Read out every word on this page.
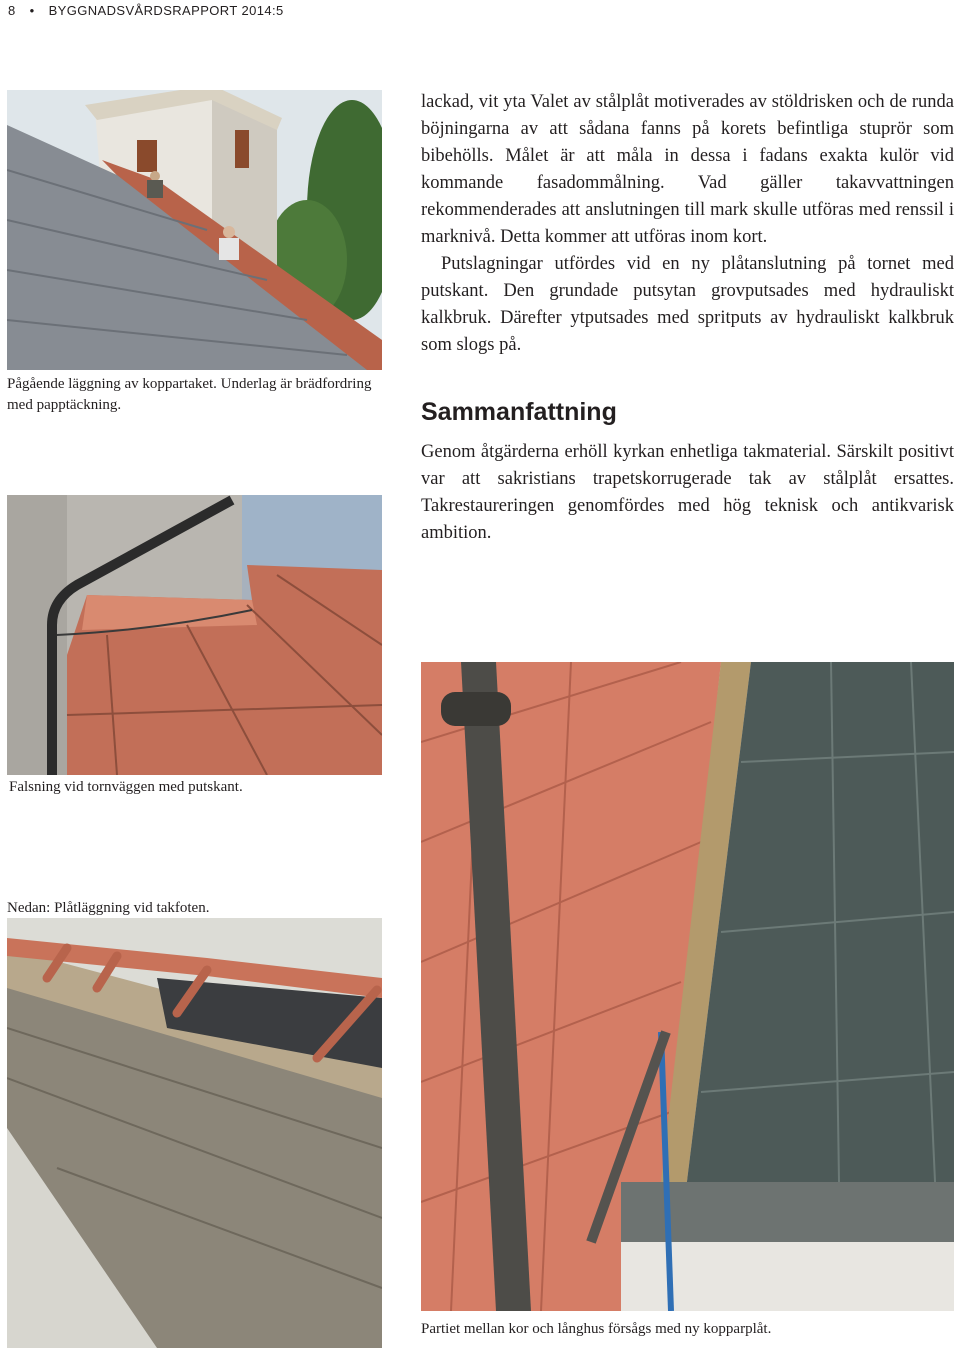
8 • BYGGNADSVÅRDSRAPPORT 2014:5
Pågående läggning av koppartaket. Underlag är brädfordring med papptäckning.
Falsning vid tornväggen med putskant.
Nedan: Plåtläggning vid takfoten.

lackad, vit yta Valet av stålplåt motiverades av stöldrisken och de runda böjningarna av att sådana fanns på korets befintliga stuprör som bibehölls. Målet är att måla in dessa i fadans exakta kulör vid kommande fasadommålning. Vad gäller takavvattningen rekommenderades att anslutningen till mark skulle utföras med renssil i marknivå. Detta kommer att utföras inom kort.

Putslagningar utfördes vid en ny plåtanslutning på tornet med putskant. Den grundade putsytan grovputsades med hydrauliskt kalkbruk. Därefter ytputsades med spritputs av hydrauliskt kalkbruk som slogs på.

Sammanfattning

Genom åtgärderna erhöll kyrkan enhetliga takmaterial. Särskilt positivt var att sakristians trapetskorrugerade tak av stålplåt ersattes. Takrestaureringen genomfördes med hög teknisk och antikvarisk ambition.

Partiet mellan kor och långhus försågs med ny kopparplåt.
